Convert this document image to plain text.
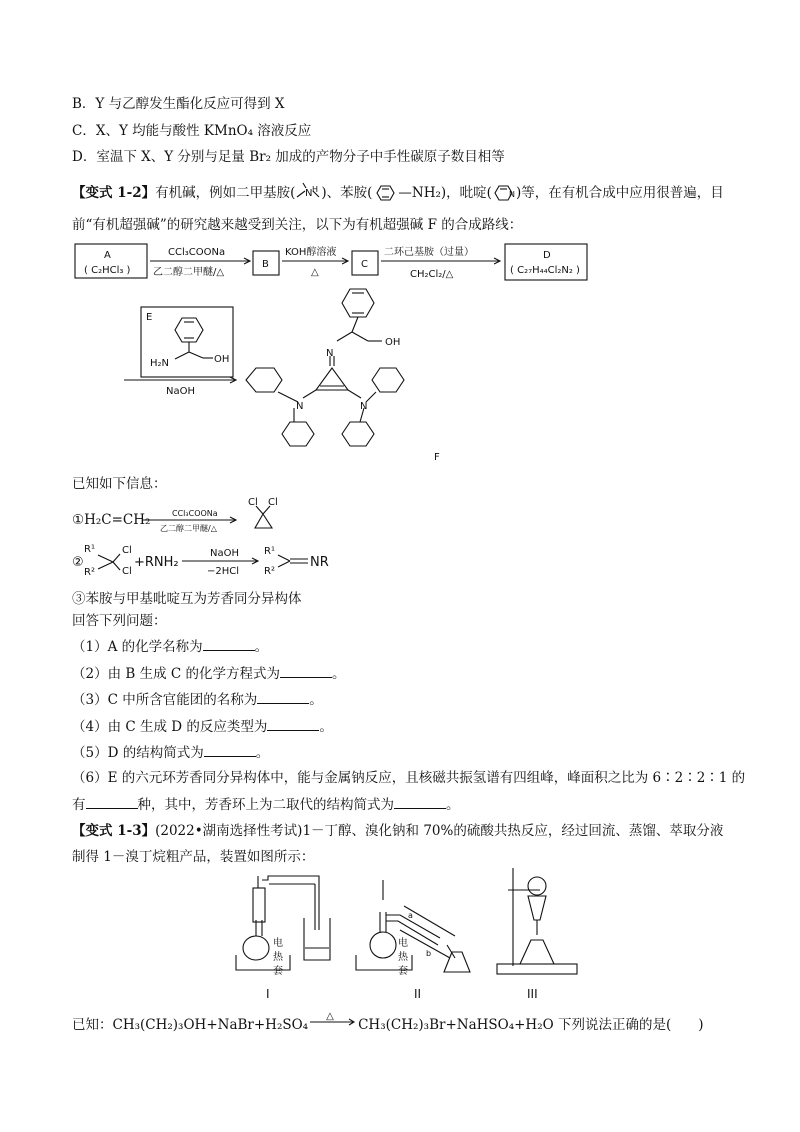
B．Y 与乙醇发生酯化反应可得到 X
C．X、Y 均能与酸性 KMnO₄ 溶液反应
D．室温下 X、Y 分别与足量 Br₂ 加成的产物分子中手性碳原子数目相等
【变式 1-2】有机碱，例如二甲基胺( N H )、苯胺( —NH₂)，吡啶( N )等，在有机合成中应用很普遍，目
前“有机超强碱”的研究越来越受到关注，以下为有机超强碱 F 的合成路线：
A
( C₂HCl₃ )
CCl₃COONa
乙二醇二甲醚/△
B
KOH醇溶液
△
C
二环己基胺（过量）
CH₂Cl₂/△
D
( C₂₇H₄₄Cl₂N₂ )
E
H₂N	OH
NaOH
OH
N
N	N
F
已知如下信息：
①H₂C=CH₂	CCl₃COONa
乙二醇二甲醚/△
Cl Cl
②
R¹
R²
Cl
Cl
+RNH₂
NaOH
−2HCl
R¹
R²
NR
③苯胺与甲基吡啶互为芳香同分异构体
回答下列问题：
（1）A 的化学名称为	。
（2）由 B 生成 C 的化学方程式为	。
（3）C 中所含官能团的名称为	。
（4）由 C 生成 D 的反应类型为	。
（5）D 的结构简式为	。
（6）E 的六元环芳香同分异构体中，能与金属钠反应，且核磁共振氢谱有四组峰，峰面积之比为 6∶2∶2∶1 的
有	种，其中，芳香环上为二取代的结构简式为	。
【变式 1-3】(2022•湖南选择性考试)1－丁醇、溴化钠和 70%的硫酸共热反应，经过回流、蒸馏、萃取分液
制得 1－溴丁烷粗产品，装置如图所示：
电
热
套
电
热
套
a
b
I	II	III
已知：CH₃(CH₂)₃OH+NaBr+H₂SO₄
△
CH₃(CH₂)₃Br+NaHSO₄+H₂O 下列说法正确的是(　　)
